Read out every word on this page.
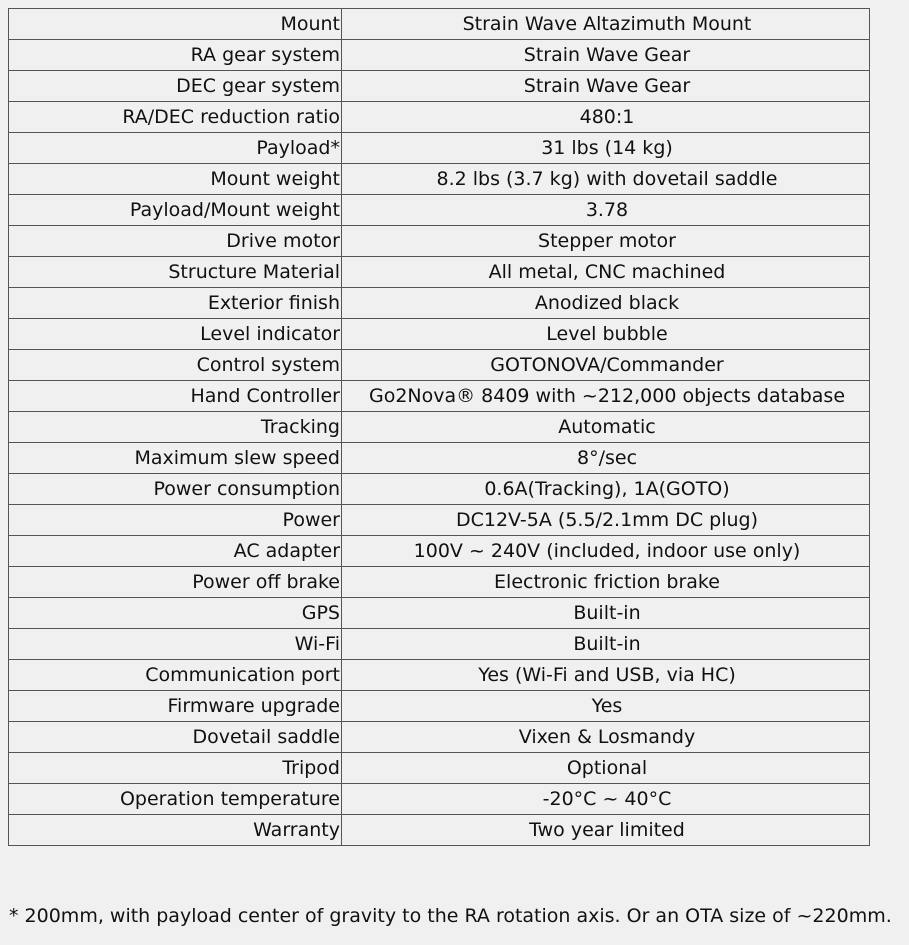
Mount	Strain Wave Altazimuth Mount
RA gear system	Strain Wave Gear
DEC gear system	Strain Wave Gear
RA/DEC reduction ratio	480:1
Payload*	31 lbs (14 kg)
Mount weight	8.2 lbs (3.7 kg) with dovetail saddle
Payload/Mount weight	3.78
Drive motor	Stepper motor
Structure Material	All metal, CNC machined
Exterior finish	Anodized black
Level indicator	Level bubble
Control system	GOTONOVA/Commander
Hand Controller	Go2Nova® 8409 with ~212,000 objects database
Tracking	Automatic
Maximum slew speed	8°/sec
Power consumption	0.6A(Tracking), 1A(GOTO)
Power	DC12V-5A (5.5/2.1mm DC plug)
AC adapter	100V ~ 240V (included, indoor use only)
Power off brake	Electronic friction brake
GPS	Built-in
Wi-Fi	Built-in
Communication port	Yes (Wi-Fi and USB, via HC)
Firmware upgrade	Yes
Dovetail saddle	Vixen & Losmandy
Tripod	Optional
Operation temperature	-20°C ~ 40°C
Warranty	Two year limited
* 200mm, with payload center of gravity to the RA rotation axis. Or an OTA size of ~220mm.
